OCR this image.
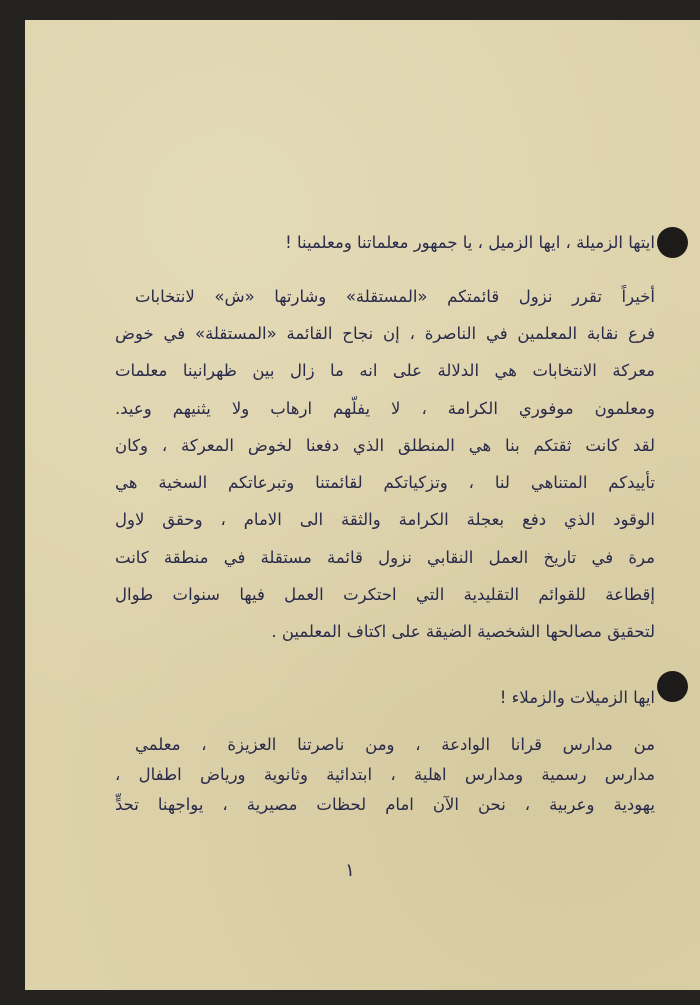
ايتها الزميلة ، ايها الزميل ، يا جمهور معلماتنا ومعلمينا !
أخيراً تقرر نزول قائمتكم «المستقلة» وشارتها «ش» لانتخابات
فرع نقابة المعلمين في الناصرة ، إن نجاح القائمة «المستقلة» في خوض
معركة الانتخابات هي الدلالة على انه ما زال بين ظهرانينا معلمات
ومعلمون موفوري الكرامة ، لا يفلّهم ارهاب ولا يثنيهم وعيد.
لقد كانت ثقتكم بنا هي المنطلق الذي دفعنا لخوض المعركة ، وكان
تأييدكم المتناهي لنا ، وتزكياتكم لقائمتنا وتبرعاتكم السخية هي
الوقود الذي دفع بعجلة الكرامة والثقة الى الامام ، وحقق لاول
مرة في تاريخ العمل النقابي نزول قائمة مستقلة في منطقة كانت
إقطاعة للقوائم التقليدية التي احتكرت العمل فيها سنوات طوال
لتحقيق مصالحها الشخصية الضيقة على اكتاف المعلمين .
ايها الزميلات والزملاء !
من مدارس قرانا الوادعة ، ومن ناصرتنا العزيزة ، معلمي
مدارس رسمية ومدارس اهلية ، ابتدائية وثانوية ورياض اطفال ،
يهودية وعربية ، نحن الآن امام لحظات مصيرية ، يواجهنا تحدٍّ
١
